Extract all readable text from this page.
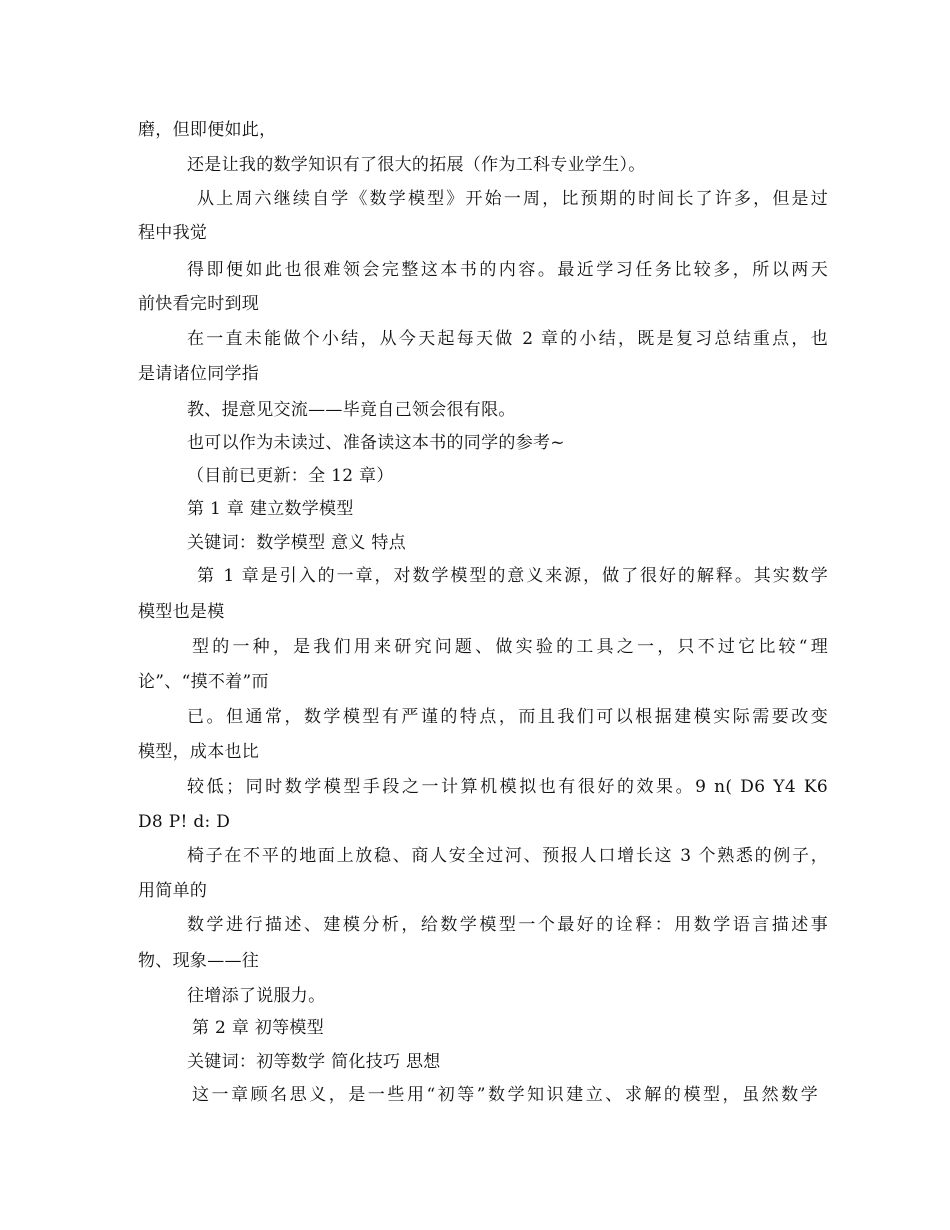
磨，但即便如此，
还是让我的数学知识有了很大的拓展（作为工科专业学生）。
从上周六继续自学《数学模型》开始一周，比预期的时间长了许多，但是过
程中我觉
得即便如此也很难领会完整这本书的内容。最近学习任务比较多，所以两天
前快看完时到现
在一直未能做个小结，从今天起每天做 2 章的小结，既是复习总结重点，也
是请诸位同学指
教、提意见交流——毕竟自己领会很有限。
也可以作为未读过、准备读这本书的同学的参考~
（目前已更新：全 12 章）
第 1 章 建立数学模型
关键词：数学模型 意义 特点
第 1 章是引入的一章，对数学模型的意义来源，做了很好的解释。其实数学
模型也是模
型的一种，是我们用来研究问题、做实验的工具之一，只不过它比较“理
论”、“摸不着”而
已。但通常，数学模型有严谨的特点，而且我们可以根据建模实际需要改变
模型，成本也比
较低；同时数学模型手段之一计算机模拟也有很好的效果。9 n( D6 Y4 K6
D8 P! d: D
椅子在不平的地面上放稳、商人安全过河、预报人口增长这 3 个熟悉的例子，
用简单的
数学进行描述、建模分析，给数学模型一个最好的诠释：用数学语言描述事
物、现象——往
往增添了说服力。
第 2 章 初等模型
关键词：初等数学 简化技巧 思想
这一章顾名思义，是一些用“初等”数学知识建立、求解的模型，虽然数学
